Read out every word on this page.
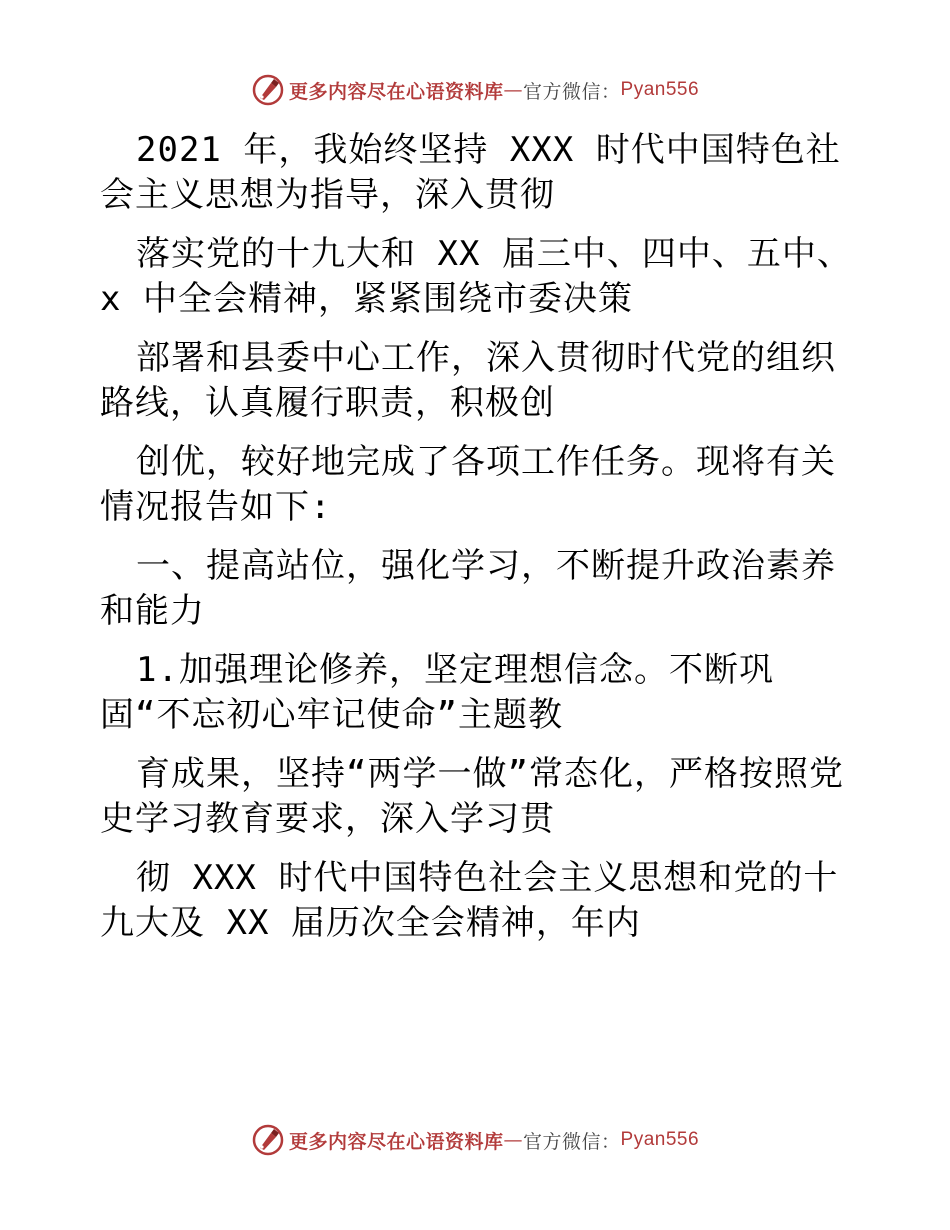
更多内容尽在心语资料库 — 官方微信 ： Pyan556

2021 年，我始终坚持 XXX 时代中国特色社会主义思想为指导，深入贯彻

落实党的十九大和 XX 届三中、四中、五中、x 中全会精神，紧紧围绕市委决策

部署和县委中心工作，深入贯彻时代党的组织路线，认真履行职责，积极创

创优，较好地完成了各项工作任务。现将有关情况报告如下:

一、提高站位，强化学习，不断提升政治素养和能力

1.加强理论修养，坚定理想信念。不断巩固“不忘初心牢记使命”主题教

育成果，坚持“两学一做”常态化，严格按照党史学习教育要求，深入学习贯

彻 XXX 时代中国特色社会主义思想和党的十九大及 XX 届历次全会精神，年内

更多内容尽在心语资料库 — 官方微信 ： Pyan556
